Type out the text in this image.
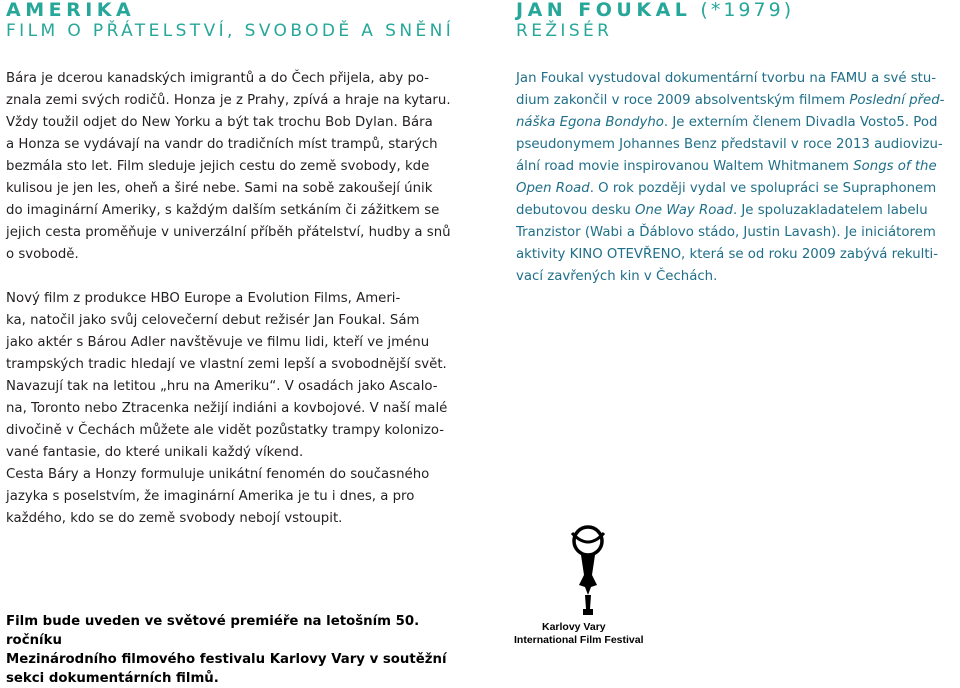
AMERIKA
FILM O PŘÁTELSTVÍ, SVOBODĚ A SNĚNÍ
Bára je dcerou kanadských imigrantů a do Čech přijela, aby po-
znala zemi svých rodičů. Honza je z Prahy, zpívá a hraje na kytaru.
Vždy toužil odjet do New Yorku a být tak trochu Bob Dylan. Bára
a Honza se vydávají na vandr do tradičních míst trampů, starých
bezmála sto let. Film sleduje jejich cestu do země svobody, kde
kulisou je jen les, oheň a širé nebe. Sami na sobě zakoušejí únik
do imaginární Ameriky, s každým dalším setkáním či zážitkem se
jejich cesta proměňuje v univerzální příběh přátelství, hudby a snů
o svobodě.
Nový film z produkce HBO Europe a Evolution Films, Ameri-
ka, natočil jako svůj celovečerní debut režisér Jan Foukal. Sám
jako aktér s Bárou Adler navštěvuje ve filmu lidi, kteří ve jménu
trampských tradic hledají ve vlastní zemi lepší a svobodnější svět.
Navazují tak na letitou „hru na Ameriku“. V osadách jako Ascalo-
na, Toronto nebo Ztracenka nežijí indiáni a kovbojové. V naší malé
divočině v Čechách můžete ale vidět pozůstatky trampy kolonizo-
vané fantasie, do které unikali každý víkend.
Cesta Báry a Honzy formuluje unikátní fenomén do současného
jazyka s poselstvím, že imaginární Amerika je tu i dnes, a pro
každého, kdo se do země svobody nebojí vstoupit.
JAN FOUKAL (*1979)
REŽISÉR
Jan Foukal vystudoval dokumentární tvorbu na FAMU a své stu-
dium zakončil v roce 2009 absolventským filmem Poslední před-
náška Egona Bondyho. Je externím členem Divadla Vosto5. Pod
pseudonymem Johannes Benz představil v roce 2013 audiovizu-
ální road movie inspirovanou Waltem Whitmanem Songs of the
Open Road. O rok později vydal ve spolupráci se Supraphonem
debutovou desku One Way Road. Je spoluzakladatelem labelu
Tranzistor (Wabi a Ďáblovo stádo, Justin Lavash). Je iniciátorem
aktivity KINO OTEVŘENO, která se od roku 2009 zabývá rekulti-
vací zavřených kin v Čechách.
Film bude uveden ve světové premiéře na letošním 50. ročníku
Mezinárodního filmového festivalu Karlovy Vary v soutěžní
sekci dokumentárních filmů.
Karlovy Vary
International Film Festival
